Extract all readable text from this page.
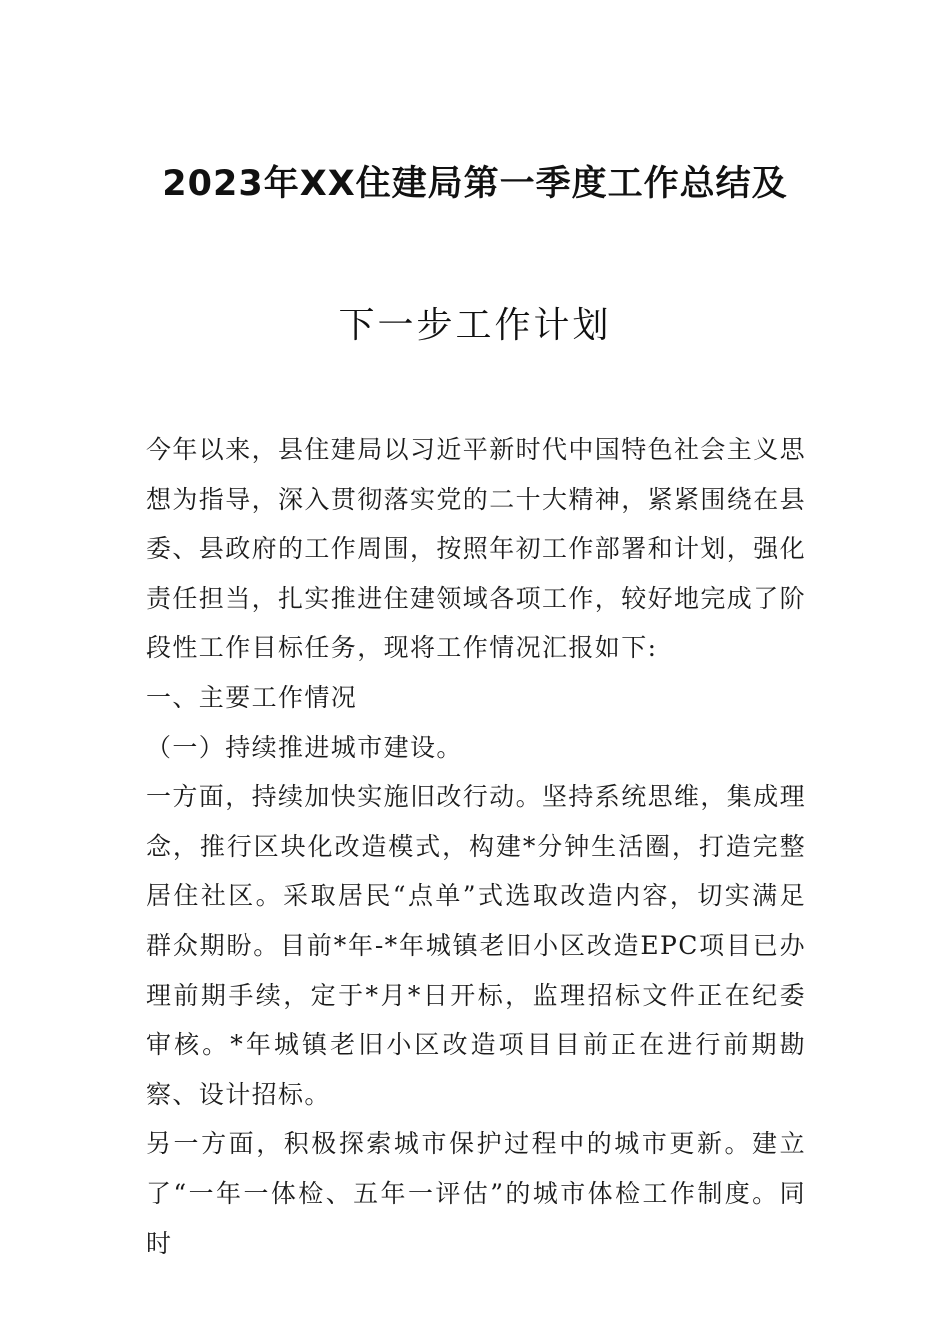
2023年XX住建局第一季度工作总结及
下一步工作计划

今年以来，县住建局以习近平新时代中国特色社会主义思想为指导，深入贯彻落实党的二十大精神，紧紧围绕在县委、县政府的工作周围，按照年初工作部署和计划，强化责任担当，扎实推进住建领域各项工作，较好地完成了阶段性工作目标任务，现将工作情况汇报如下:

一、主要工作情况

（一）持续推进城市建设。

一方面，持续加快实施旧改行动。坚持系统思维，集成理念，推行区块化改造模式，构建*分钟生活圈，打造完整居住社区。采取居民“点单”式选取改造内容，切实满足群众期盼。目前*年-*年城镇老旧小区改造EPC项目已办理前期手续，定于*月*日开标，监理招标文件正在纪委审核。*年城镇老旧小区改造项目目前正在进行前期勘察、设计招标。

另一方面，积极探索城市保护过程中的城市更新。建立了“一年一体检、五年一评估”的城市体检工作制度。同时
